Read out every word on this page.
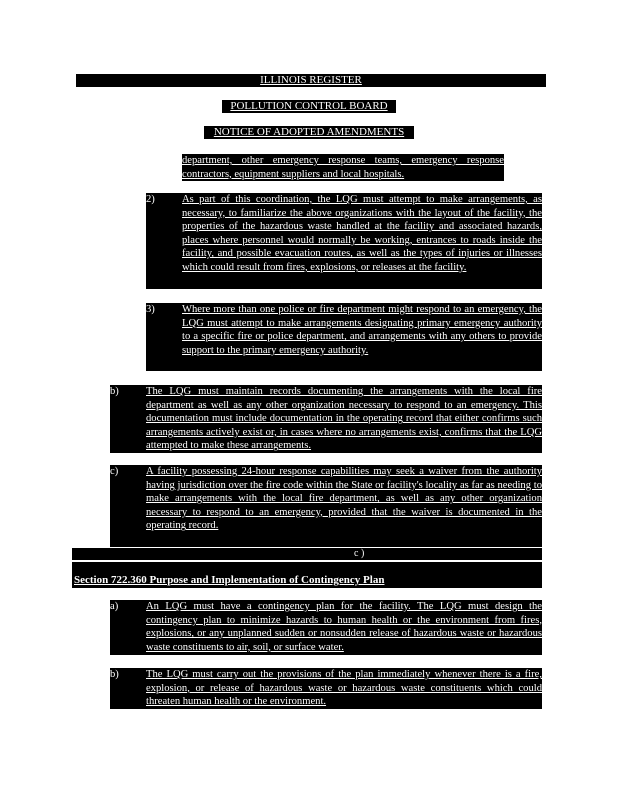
ILLINOIS REGISTER
POLLUTION CONTROL BOARD
NOTICE OF ADOPTED AMENDMENTS
department, other emergency response teams, emergency response contractors, equipment suppliers and local hospitals.
2)	As part of this coordination, the LQG must attempt to make arrangements, as necessary, to familiarize the above organizations with the layout of the facility, the properties of the hazardous waste handled at the facility and associated hazards, places where personnel would normally be working, entrances to roads inside the facility, and possible evacuation routes, as well as the types of injuries or illnesses which could result from fires, explosions, or releases at the facility.
3)	Where more than one police or fire department might respond to an emergency, the LQG must attempt to make arrangements designating primary emergency authority to a specific fire or police department, and arrangements with any others to provide support to the primary emergency authority.
b)	The LQG must maintain records documenting the arrangements with the local fire department as well as any other organization necessary to respond to an emergency. This documentation must include documentation in the operating record that either confirms such arrangements actively exist or, in cases where no arrangements exist, confirms that the LQG attempted to make these arrangements.
c)	A facility possessing 24-hour response capabilities may seek a waiver from the authority having jurisdiction over the fire code within the State or facility's locality as far as needing to make arrangements with the local fire department, as well as any other organization necessary to respond to an emergency, provided that the waiver is documented in the operating record.
c )
Section 722.360 Purpose and Implementation of Contingency Plan
a)	An LQG must have a contingency plan for the facility. The LQG must design the contingency plan to minimize hazards to human health or the environment from fires, explosions, or any unplanned sudden or nonsudden release of hazardous waste or hazardous waste constituents to air, soil, or surface water.
b)	The LQG must carry out the provisions of the plan immediately whenever there is a fire, explosion, or release of hazardous waste or hazardous waste constituents which could threaten human health or the environment.
